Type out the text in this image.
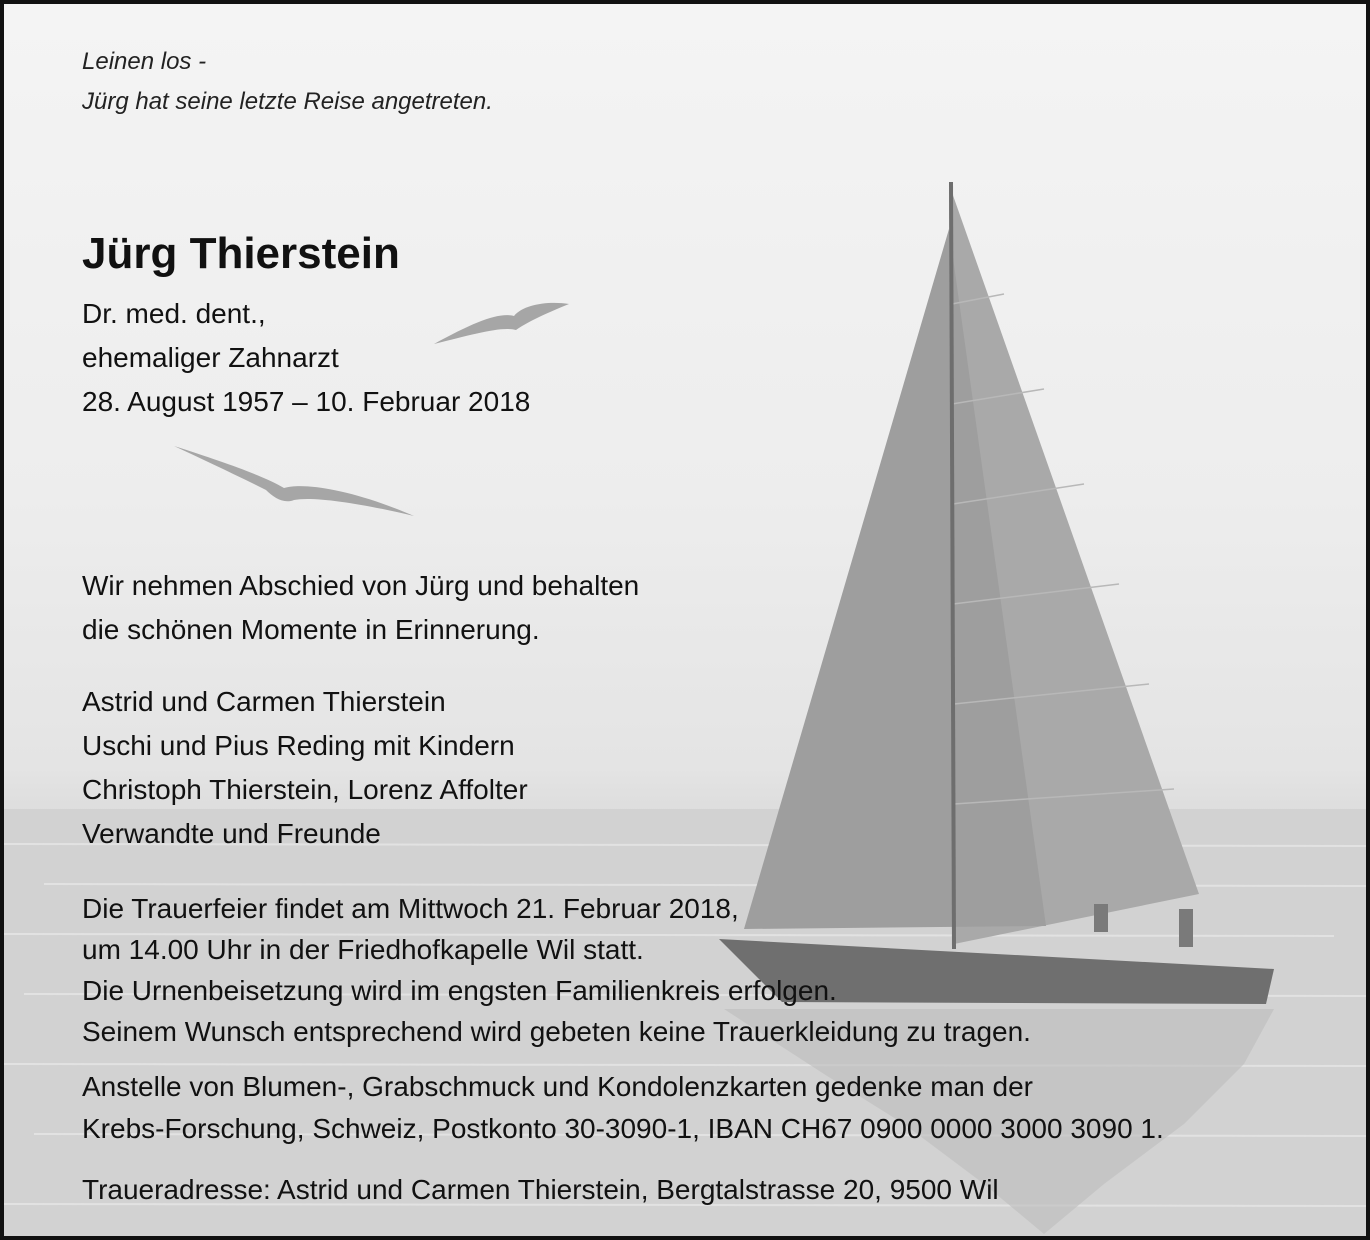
Leinen los -
Jürg hat seine letzte Reise angetreten.
Jürg Thierstein
Dr. med. dent.,
ehemaliger Zahnarzt
28. August 1957 – 10. Februar 2018
Wir nehmen Abschied von Jürg und behalten
die schönen Momente in Erinnerung.
Astrid und Carmen Thierstein
Uschi und Pius Reding mit Kindern
Christoph Thierstein, Lorenz Affolter
Verwandte und Freunde
Die Trauerfeier findet am Mittwoch 21. Februar 2018,
um 14.00 Uhr in der Friedhofkapelle Wil statt.
Die Urnenbeisetzung wird im engsten Familienkreis erfolgen.
Seinem Wunsch entsprechend wird gebeten keine Trauerkleidung zu tragen.
Anstelle von Blumen-, Grabschmuck und Kondolenzkarten gedenke man der
Krebs-Forschung, Schweiz, Postkonto 30-3090-1, IBAN CH67 0900 0000 3000 3090 1.
Traueradresse: Astrid und Carmen Thierstein, Bergtalstrasse 20, 9500 Wil
